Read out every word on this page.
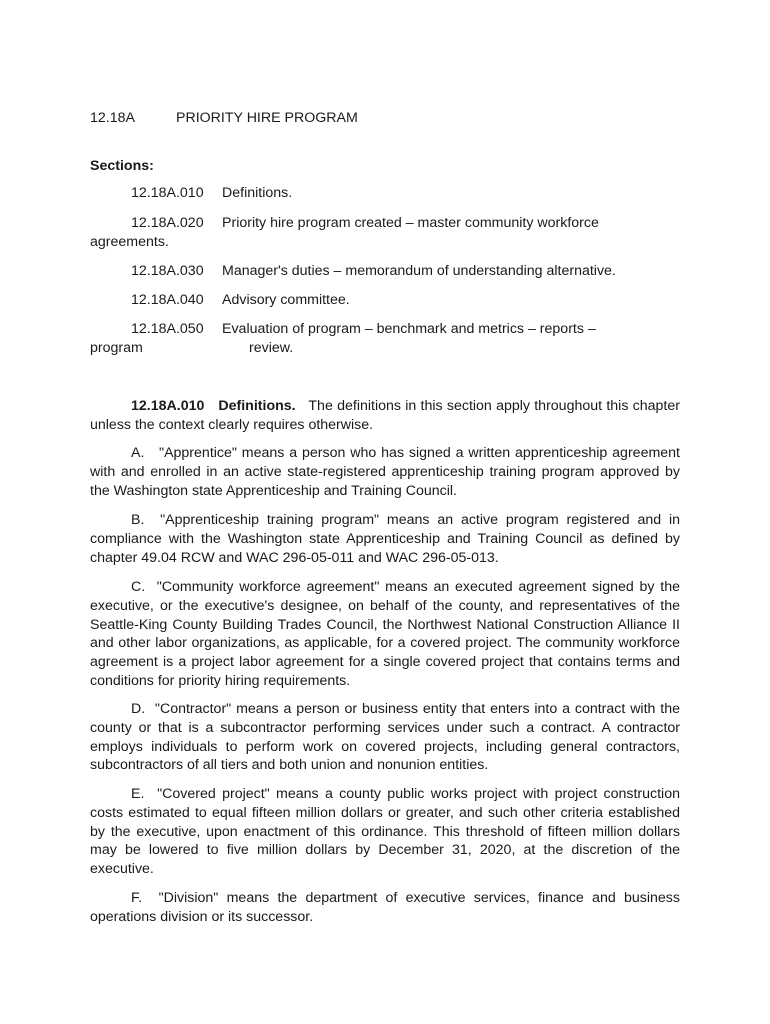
12.18A	PRIORITY HIRE PROGRAM
Sections:
12.18A.010 Definitions.
12.18A.020 Priority hire program created – master community workforce
agreements.
12.18A.030 Manager's duties – memorandum of understanding alternative.
12.18A.040 Advisory committee.
12.18A.050 Evaluation of program – benchmark and metrics – reports –
program	review.
12.18A.010 Definitions. The definitions in this section apply throughout this chapter unless the context clearly requires otherwise.
A. "Apprentice" means a person who has signed a written apprenticeship agreement with and enrolled in an active state-registered apprenticeship training program approved by the Washington state Apprenticeship and Training Council.
B. "Apprenticeship training program" means an active program registered and in compliance with the Washington state Apprenticeship and Training Council as defined by chapter 49.04 RCW and WAC 296-05-011 and WAC 296-05-013.
C. "Community workforce agreement" means an executed agreement signed by the executive, or the executive's designee, on behalf of the county, and representatives of the Seattle-King County Building Trades Council, the Northwest National Construction Alliance II and other labor organizations, as applicable, for a covered project. The community workforce agreement is a project labor agreement for a single covered project that contains terms and conditions for priority hiring requirements.
D. "Contractor" means a person or business entity that enters into a contract with the county or that is a subcontractor performing services under such a contract. A contractor employs individuals to perform work on covered projects, including general contractors, subcontractors of all tiers and both union and nonunion entities.
E. "Covered project" means a county public works project with project construction costs estimated to equal fifteen million dollars or greater, and such other criteria established by the executive, upon enactment of this ordinance. This threshold of fifteen million dollars may be lowered to five million dollars by December 31, 2020, at the discretion of the executive.
F. "Division" means the department of executive services, finance and business operations division or its successor.
